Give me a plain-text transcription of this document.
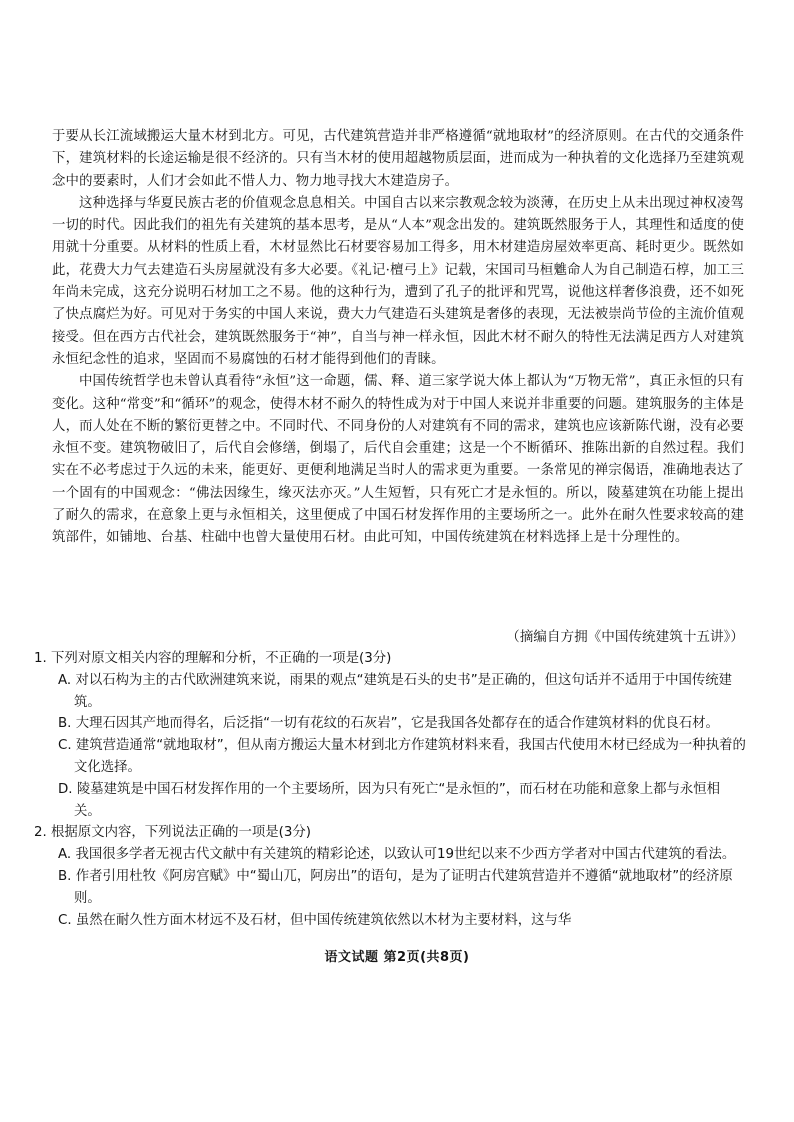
于要从长江流域搬运大量木材到北方。可见，古代建筑营造并非严格遵循“就地取材”的经济原则。在古代的交通条件下，建筑材料的长途运输是很不经济的。只有当木材的使用超越物质层面，进而成为一种执着的文化选择乃至建筑观念中的要素时，人们才会如此不惜人力、物力地寻找大木建造房子。

这种选择与华夏民族古老的价值观念息息相关。中国自古以来宗教观念较为淡薄，在历史上从未出现过神权凌驾一切的时代。因此我们的祖先有关建筑的基本思考，是从“人本”观念出发的。建筑既然服务于人，其理性和适度的使用就十分重要。从材料的性质上看，木材显然比石材要容易加工得多，用木材建造房屋效率更高、耗时更少。既然如此，花费大力气去建造石头房屋就没有多大必要。《礼记·檀弓上》记载，宋国司马桓魋命人为自己制造石椁，加工三年尚未完成，这充分说明石材加工之不易。他的这种行为，遭到了孔子的批评和咒骂，说他这样奢侈浪费，还不如死了快点腐烂为好。可见对于务实的中国人来说，费大力气建造石头建筑是奢侈的表现，无法被崇尚节俭的主流价值观接受。但在西方古代社会，建筑既然服务于“神”，自当与神一样永恒，因此木材不耐久的特性无法满足西方人对建筑永恒纪念性的追求，坚固而不易腐蚀的石材才能得到他们的青睐。

中国传统哲学也未曾认真看待“永恒”这一命题，儒、释、道三家学说大体上都认为“万物无常”，真正永恒的只有变化。这种“常变”和“循环”的观念，使得木材不耐久的特性成为对于中国人来说并非重要的问题。建筑服务的主体是人，而人处在不断的繁衍更替之中。不同时代、不同身份的人对建筑有不同的需求，建筑也应该新陈代谢，没有必要永恒不变。建筑物破旧了，后代自会修缮，倒塌了，后代自会重建；这是一个不断循环、推陈出新的自然过程。我们实在不必考虑过于久远的未来，能更好、更便利地满足当时人的需求更为重要。一条常见的禅宗偈语，准确地表达了一个固有的中国观念：“佛法因缘生，缘灭法亦灭。”人生短暂，只有死亡才是永恒的。所以，陵墓建筑在功能上提出了耐久的需求，在意象上更与永恒相关，这里便成了中国石材发挥作用的主要场所之一。此外在耐久性要求较高的建筑部件，如铺地、台基、柱础中也曾大量使用石材。由此可知，中国传统建筑在材料选择上是十分理性的。

（摘编自方拥《中国传统建筑十五讲》）

1. 下列对原文相关内容的理解和分析，不正确的一项是(3分)

A. 对以石构为主的古代欧洲建筑来说，雨果的观点“建筑是石头的史书”是正确的，但这句话并不适用于中国传统建筑。

B. 大理石因其产地而得名，后泛指“一切有花纹的石灰岩”，它是我国各处都存在的适合作建筑材料的优良石材。

C. 建筑营造通常“就地取材”，但从南方搬运大量木材到北方作建筑材料来看，我国古代使用木材已经成为一种执着的文化选择。

D. 陵墓建筑是中国石材发挥作用的一个主要场所，因为只有死亡“是永恒的”，而石材在功能和意象上都与永恒相关。

2. 根据原文内容，下列说法正确的一项是(3分)

A. 我国很多学者无视古代文献中有关建筑的精彩论述，以致认可19世纪以来不少西方学者对中国古代建筑的看法。

B. 作者引用杜牧《阿房宫赋》中“蜀山兀，阿房出”的语句，是为了证明古代建筑营造并不遵循“就地取材”的经济原则。

C. 虽然在耐久性方面木材远不及石材，但中国传统建筑依然以木材为主要材料，这与华

语文试题 第2页(共8页)
